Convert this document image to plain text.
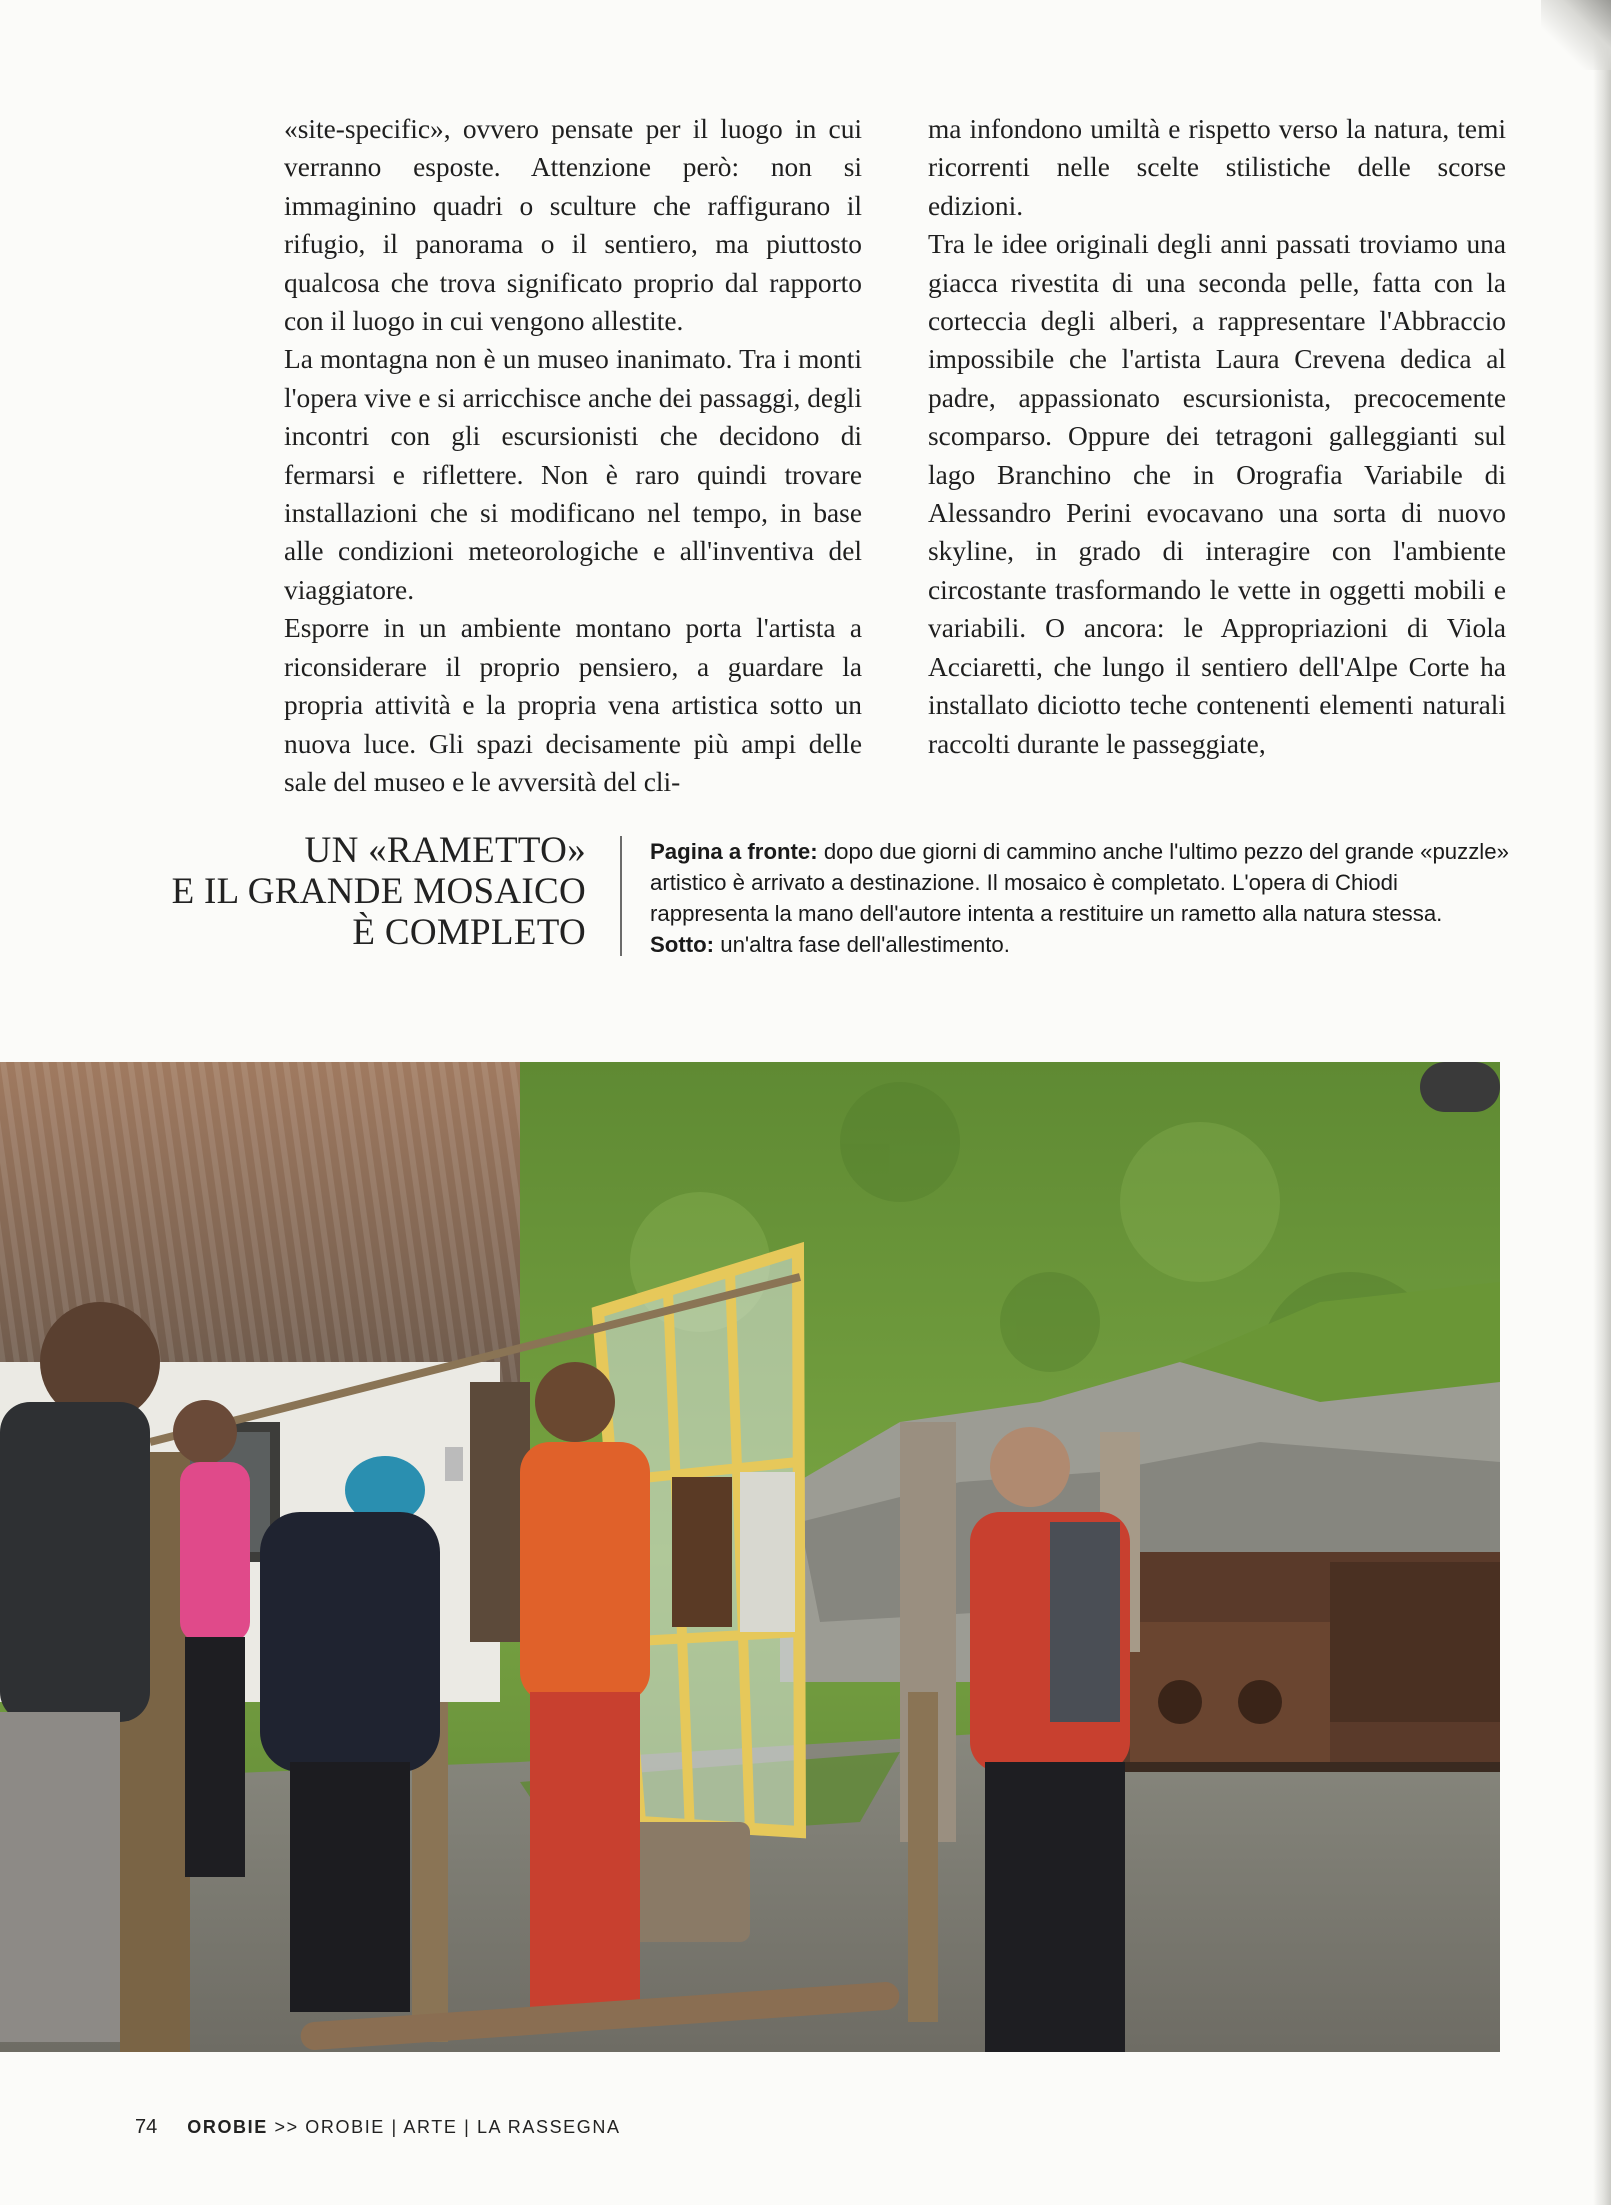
«site-specific», ovvero pensate per il luogo in cui verranno esposte. Attenzione però: non si immaginino quadri o sculture che raffigurano il rifugio, il panorama o il sentiero, ma piuttosto qualcosa che trova significato proprio dal rapporto con il luogo in cui vengono allestite.

La montagna non è un museo inanimato. Tra i monti l'opera vive e si arricchisce anche dei passaggi, degli incontri con gli escursionisti che decidono di fermarsi e riflettere. Non è raro quindi trovare installazioni che si modificano nel tempo, in base alle condizioni meteorologiche e all'inventiva del viaggiatore.

Esporre in un ambiente montano porta l'artista a riconsiderare il proprio pensiero, a guardare la propria attività e la propria vena artistica sotto un nuova luce. Gli spazi decisamente più ampi delle sale del museo e le avversità del cli-

ma infondono umiltà e rispetto verso la natura, temi ricorrenti nelle scelte stilistiche delle scorse edizioni.

Tra le idee originali degli anni passati troviamo una giacca rivestita di una seconda pelle, fatta con la corteccia degli alberi, a rappresentare l'Abbraccio impossibile che l'artista Laura Crevena dedica al padre, appassionato escursionista, precocemente scomparso. Oppure dei tetragoni galleggianti sul lago Branchino che in Orografia Variabile di Alessandro Perini evocavano una sorta di nuovo skyline, in grado di interagire con l'ambiente circostante trasformando le vette in oggetti mobili e variabili. O ancora: le Appropriazioni di Viola Acciaretti, che lungo il sentiero dell'Alpe Corte ha installato diciotto teche contenenti elementi naturali raccolti durante le passeggiate,

UN «RAMETTO»
E IL GRANDE MOSAICO
È COMPLETO
Pagina a fronte: dopo due giorni di cammino anche l'ultimo pezzo del grande «puzzle» artistico è arrivato a destinazione. Il mosaico è completato. L'opera di Chiodi rappresenta la mano dell'autore intenta a restituire un rametto alla natura stessa. Sotto: un'altra fase dell'allestimento.
74 OROBIE >> OROBIE | ARTE | LA RASSEGNA
